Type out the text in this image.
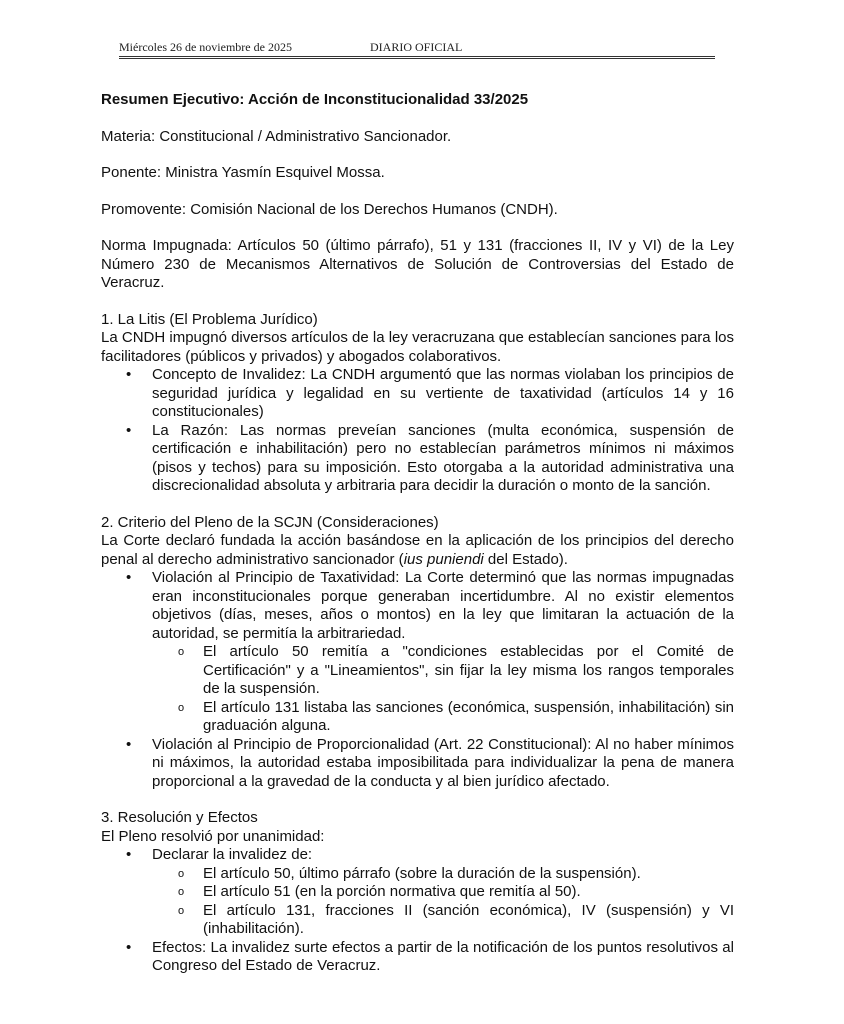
Miércoles 26 de noviembre de 2025	DIARIO OFICIAL

Resumen Ejecutivo: Acción de Inconstitucionalidad 33/2025

Materia: Constitucional / Administrativo Sancionador.

Ponente: Ministra Yasmín Esquivel Mossa.

Promovente: Comisión Nacional de los Derechos Humanos (CNDH).

Norma Impugnada: Artículos 50 (último párrafo), 51 y 131 (fracciones II, IV y VI) de la Ley Número 230 de Mecanismos Alternativos de Solución de Controversias del Estado de Veracruz.

1. La Litis (El Problema Jurídico)

La CNDH impugnó diversos artículos de la ley veracruzana que establecían sanciones para los facilitadores (públicos y privados) y abogados colaborativos.

• Concepto de Invalidez: La CNDH argumentó que las normas violaban los principios de seguridad jurídica y legalidad en su vertiente de taxatividad (artículos 14 y 16 constitucionales)
• La Razón: Las normas preveían sanciones (multa económica, suspensión de certificación e inhabilitación) pero no establecían parámetros mínimos ni máximos (pisos y techos) para su imposición. Esto otorgaba a la autoridad administrativa una discrecionalidad absoluta y arbitraria para decidir la duración o monto de la sanción.

2. Criterio del Pleno de la SCJN (Consideraciones)

La Corte declaró fundada la acción basándose en la aplicación de los principios del derecho penal al derecho administrativo sancionador (ius puniendi del Estado).

• Violación al Principio de Taxatividad: La Corte determinó que las normas impugnadas eran inconstitucionales porque generaban incertidumbre. Al no existir elementos objetivos (días, meses, años o montos) en la ley que limitaran la actuación de la autoridad, se permitía la arbitrariedad.
o El artículo 50 remitía a "condiciones establecidas por el Comité de Certificación" y a "Lineamientos", sin fijar la ley misma los rangos temporales de la suspensión.
o El artículo 131 listaba las sanciones (económica, suspensión, inhabilitación) sin graduación alguna.
• Violación al Principio de Proporcionalidad (Art. 22 Constitucional): Al no haber mínimos ni máximos, la autoridad estaba imposibilitada para individualizar la pena de manera proporcional a la gravedad de la conducta y al bien jurídico afectado.

3. Resolución y Efectos

El Pleno resolvió por unanimidad:

• Declarar la invalidez de:
o El artículo 50, último párrafo (sobre la duración de la suspensión).
o El artículo 51 (en la porción normativa que remitía al 50).
o El artículo 131, fracciones II (sanción económica), IV (suspensión) y VI (inhabilitación).
• Efectos: La invalidez surte efectos a partir de la notificación de los puntos resolutivos al Congreso del Estado de Veracruz.
